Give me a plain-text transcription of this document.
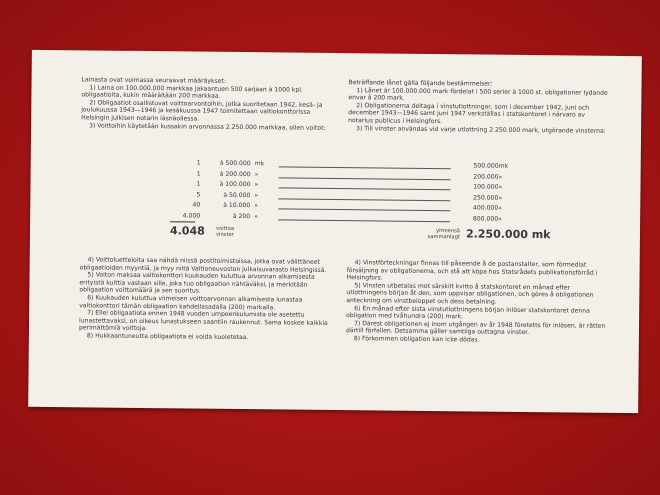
Lainasta ovat voimassa seuraavat määräykset:
1) Laina on 100.000.000 markkaa jakaantuen 500 sarjaan à 1000 kpl. obligaatioita, kukin määrältään 200 markkaa.
2) Obligaatiot osallistuvat voittoarvontoihin, jotka suoritetaan 1942, kesä- ja joulukuussa 1943—1946 ja kesäkuussa 1947 toimitettaan valtiokonttorissa Helsingin julkisen notarin läsnäollessa.
3) Voittoihin käytetään kussakin arvonnassa 2.250.000 markkaa, ollen voitot:
Beträffande lånet gälla följande bestämmelser:
1) Lånet är 100.000.000 mark fördelat i 500 serier à 1000 st. obligationer lydande envar å 200 mark.
2) Obligationerna deltaga i vinstutlottningar, som i december 1942, juni och december 1943—1946 samt juni 1947 verkställas i statskontoret i närvaro av notarius publicus i Helsingfors.
3) Till vinster användas vid varje utlottning 2.250.000 mark, utgörande vinsterna:
1	à 500.000 mk	500.000 mk
1	à 200.000 »	200.000 »
1	à 100.000 »	100.000 »
5	à 50.000 »	250.000 »
40	à 10.000 »	400.000 »
4.000	à 200 »	800.000 »
4.048 voittoa
vinster
yhteensä
sammanlagt 2.250.000 mk
4) Voittoluetteloita saa nähdä niissä postitoimistoissa, jotka ovat välittäneet obligaatioiden myyntiä, ja myy niitä Valtioneuvoston julkaisuvarasto Helsingissä.
5) Voiton maksaa valtiokonttori kuukauden kuluttua arvonnan alkamisesta erityistä kuittia vastaan sille, joka tuo obligaation nähtäväksi, ja merkitään obligaation voittomäärä ja sen suoritus.
6) Kuukauden kuluttua viimeisen voittoarvonnan alkamisesta lunastaa valtiokonttori tämän obligaation kahdellasadalla (200) markalla.
7) Ellei obligaatiota ennen 1948 vuoden umpeenkulumista ole asetettu lunastettavaksi, on oikeus lunastukseen saantiin raukennut. Sama koskee kaikkia perimättömiä voittoja.
8) Hukkaantuneutta obligaatiota ei voida kuoletetaa.
4) Vinstförteckningar finnas till påseende å de postanstalter, som förmedlat försäljning av obligationerna, och stå att köpa hos Statsrådets publikationsförråd i Helsingfors.
5) Vinsten utbetalas mot särskilt kvitto å statskontoret en månad efter utlottningens början åt den, som uppvisar obligationen, och göres å obligationen anteckning om vinstbeloppet och dess betalning.
6) En månad efter sista vinstutlottningens början inlöser statskontoret denna obligation med tvåhundra (200) mark.
7) Därest obligationen ej inom utgången av år 1948 företetts för inlösen, är rätten därtill förfallen. Detsamma gäller samtliga outtagna vinster.
8) Förkommen obligation kan icke dödas.
